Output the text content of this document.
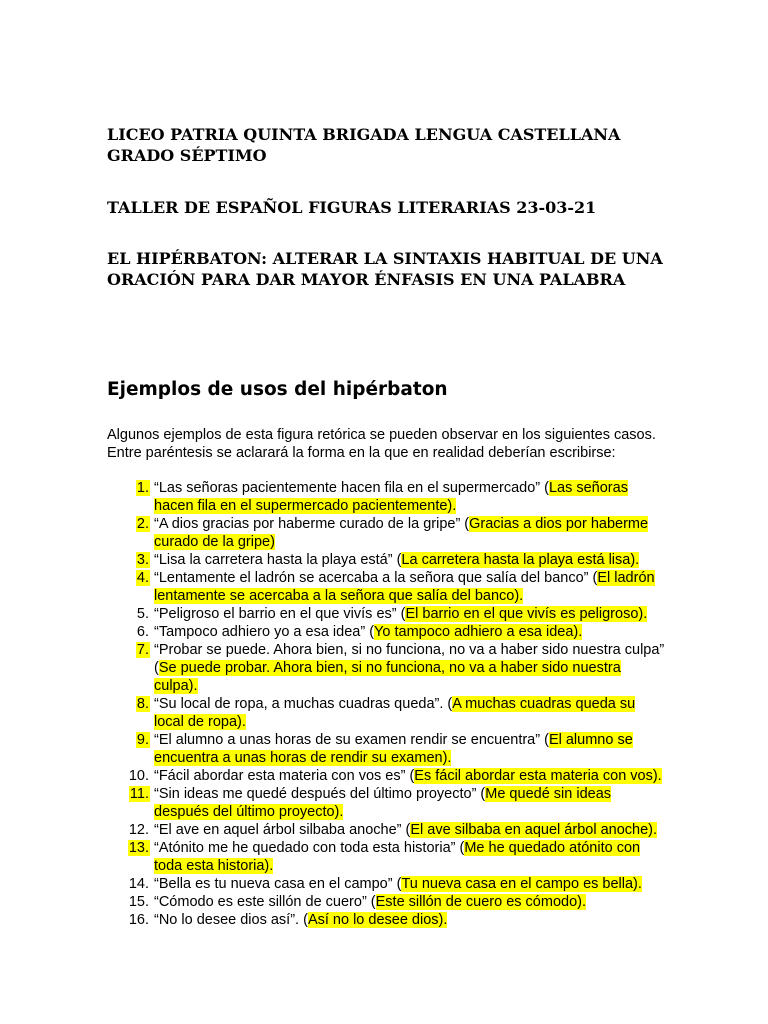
LICEO PATRIA QUINTA BRIGADA LENGUA CASTELLANA
GRADO SÉPTIMO
TALLER DE ESPAÑOL FIGURAS LITERARIAS 23-03-21
EL HIPÉRBATON: ALTERAR LA SINTAXIS HABITUAL DE UNA
ORACIÓN PARA DAR MAYOR ÉNFASIS EN UNA PALABRA
Ejemplos de usos del hipérbaton

Algunos ejemplos de esta figura retórica se pueden observar en los siguientes casos. Entre paréntesis se aclarará la forma en la que en realidad deberían escribirse:

1. “Las señoras pacientemente hacen fila en el supermercado” (Las señoras hacen fila en el supermercado pacientemente).
2. “A dios gracias por haberme curado de la gripe” (Gracias a dios por haberme curado de la gripe)
3. “Lisa la carretera hasta la playa está” (La carretera hasta la playa está lisa).
4. “Lentamente el ladrón se acercaba a la señora que salía del banco” (El ladrón lentamente se acercaba a la señora que salía del banco).
5. “Peligroso el barrio en el que vivís es” (El barrio en el que vivís es peligroso).
6. “Tampoco adhiero yo a esa idea” (Yo tampoco adhiero a esa idea).
7. “Probar se puede. Ahora bien, si no funciona, no va a haber sido nuestra culpa” (Se puede probar. Ahora bien, si no funciona, no va a haber sido nuestra culpa).
8. “Su local de ropa, a muchas cuadras queda”. (A muchas cuadras queda su local de ropa).
9. “El alumno a unas horas de su examen rendir se encuentra” (El alumno se encuentra a unas horas de rendir su examen).
10. “Fácil abordar esta materia con vos es” (Es fácil abordar esta materia con vos).
11. “Sin ideas me quedé después del último proyecto” (Me quedé sin ideas después del último proyecto).
12. “El ave en aquel árbol silbaba anoche” (El ave silbaba en aquel árbol anoche).
13. “Atónito me he quedado con toda esta historia” (Me he quedado atónito con toda esta historia).
14. “Bella es tu nueva casa en el campo” (Tu nueva casa en el campo es bella).
15. “Cómodo es este sillón de cuero” (Este sillón de cuero es cómodo).
16. “No lo desee dios así”. (Así no lo desee dios).
